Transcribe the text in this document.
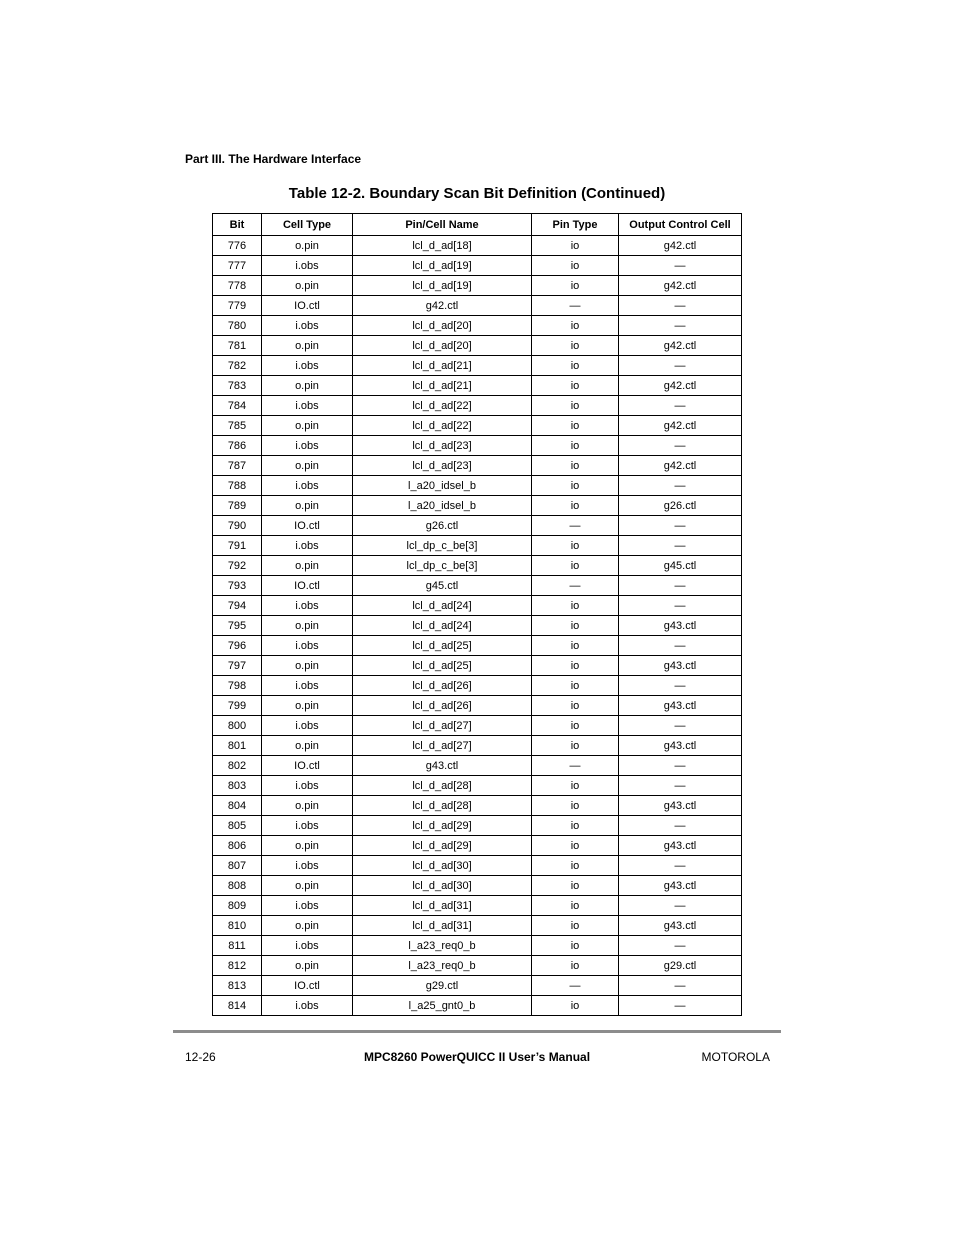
Part III. The Hardware Interface
Table 12-2. Boundary Scan Bit Definition (Continued)
Bit	Cell Type	Pin/Cell Name	Pin Type	Output Control Cell
776	o.pin	lcl_d_ad[18]	io	g42.ctl
777	i.obs	lcl_d_ad[19]	io	—
778	o.pin	lcl_d_ad[19]	io	g42.ctl
779	IO.ctl	g42.ctl	—	—
780	i.obs	lcl_d_ad[20]	io	—
781	o.pin	lcl_d_ad[20]	io	g42.ctl
782	i.obs	lcl_d_ad[21]	io	—
783	o.pin	lcl_d_ad[21]	io	g42.ctl
784	i.obs	lcl_d_ad[22]	io	—
785	o.pin	lcl_d_ad[22]	io	g42.ctl
786	i.obs	lcl_d_ad[23]	io	—
787	o.pin	lcl_d_ad[23]	io	g42.ctl
788	i.obs	l_a20_idsel_b	io	—
789	o.pin	l_a20_idsel_b	io	g26.ctl
790	IO.ctl	g26.ctl	—	—
791	i.obs	lcl_dp_c_be[3]	io	—
792	o.pin	lcl_dp_c_be[3]	io	g45.ctl
793	IO.ctl	g45.ctl	—	—
794	i.obs	lcl_d_ad[24]	io	—
795	o.pin	lcl_d_ad[24]	io	g43.ctl
796	i.obs	lcl_d_ad[25]	io	—
797	o.pin	lcl_d_ad[25]	io	g43.ctl
798	i.obs	lcl_d_ad[26]	io	—
799	o.pin	lcl_d_ad[26]	io	g43.ctl
800	i.obs	lcl_d_ad[27]	io	—
801	o.pin	lcl_d_ad[27]	io	g43.ctl
802	IO.ctl	g43.ctl	—	—
803	i.obs	lcl_d_ad[28]	io	—
804	o.pin	lcl_d_ad[28]	io	g43.ctl
805	i.obs	lcl_d_ad[29]	io	—
806	o.pin	lcl_d_ad[29]	io	g43.ctl
807	i.obs	lcl_d_ad[30]	io	—
808	o.pin	lcl_d_ad[30]	io	g43.ctl
809	i.obs	lcl_d_ad[31]	io	—
810	o.pin	lcl_d_ad[31]	io	g43.ctl
811	i.obs	l_a23_req0_b	io	—
812	o.pin	l_a23_req0_b	io	g29.ctl
813	IO.ctl	g29.ctl	—	—
814	i.obs	l_a25_gnt0_b	io	—
12-26	MPC8260 PowerQUICC II User’s Manual	MOTOROLA
